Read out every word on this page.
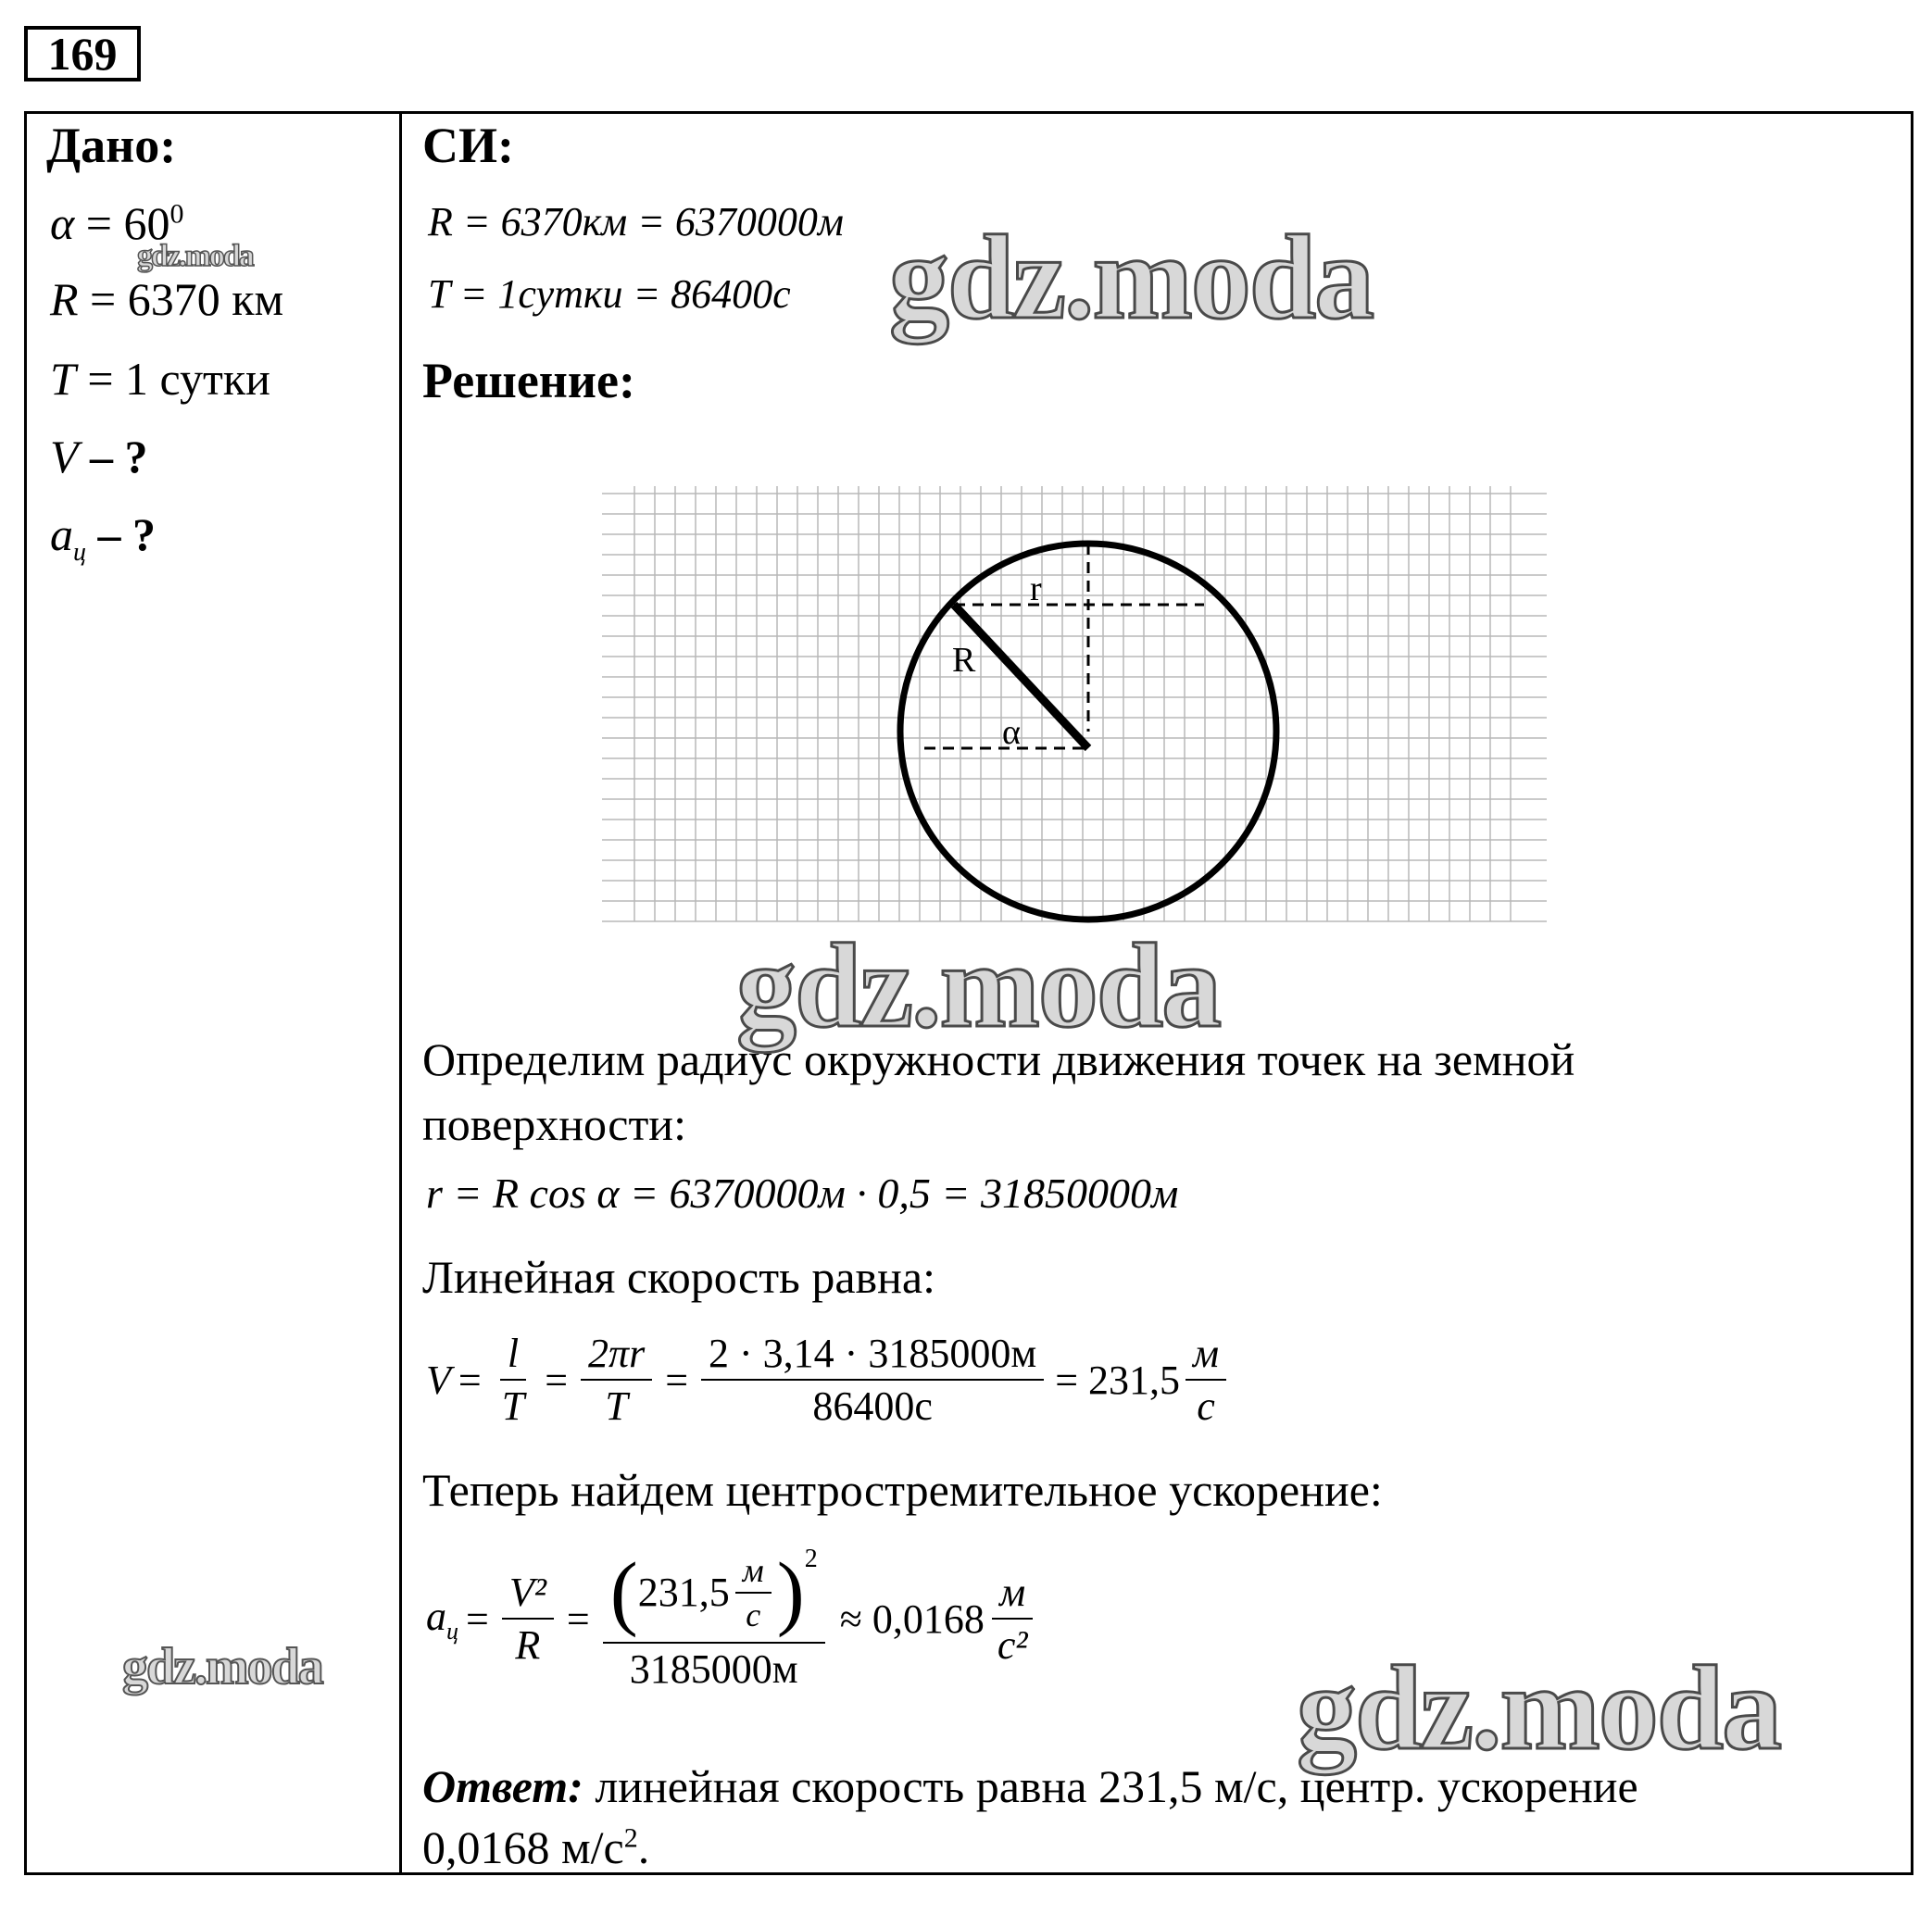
169
Дано:
$\alpha = 60^0$
R = 6370 км
T = 1 сутки
V – ?
$a_ц$ – ?
СИ:
R = 6370км = 6370000м
T = 1сутки = 86400с
Решение:
r
R
α
Определим радиус окружности движения точек на земной
поверхности:
r = R cos α = 6370000м · 0,5 = 31850000м
Линейная скорость равна:
$V = \frac{l}{T} = \frac{2\pi r}{T} = \frac{2 \cdot 3,14 \cdot 3185000м}{86400с} = 231,5 \frac{м}{с}$
Теперь найдем центростремительное ускорение:
$a_ц = \frac{\text{V²}}{R}$ = ( $231,5 \frac{м}{с} )^2$
3185000м
≈ $0,0168 \frac{м}{\text{с²}}$
Ответ: линейная скорость равна 231,5 м/с, центр. ускорение
0,0168 $м/с^2$.
gdz.moda	gdz.moda
gdz.moda
gdz.moda	gdz.moda
